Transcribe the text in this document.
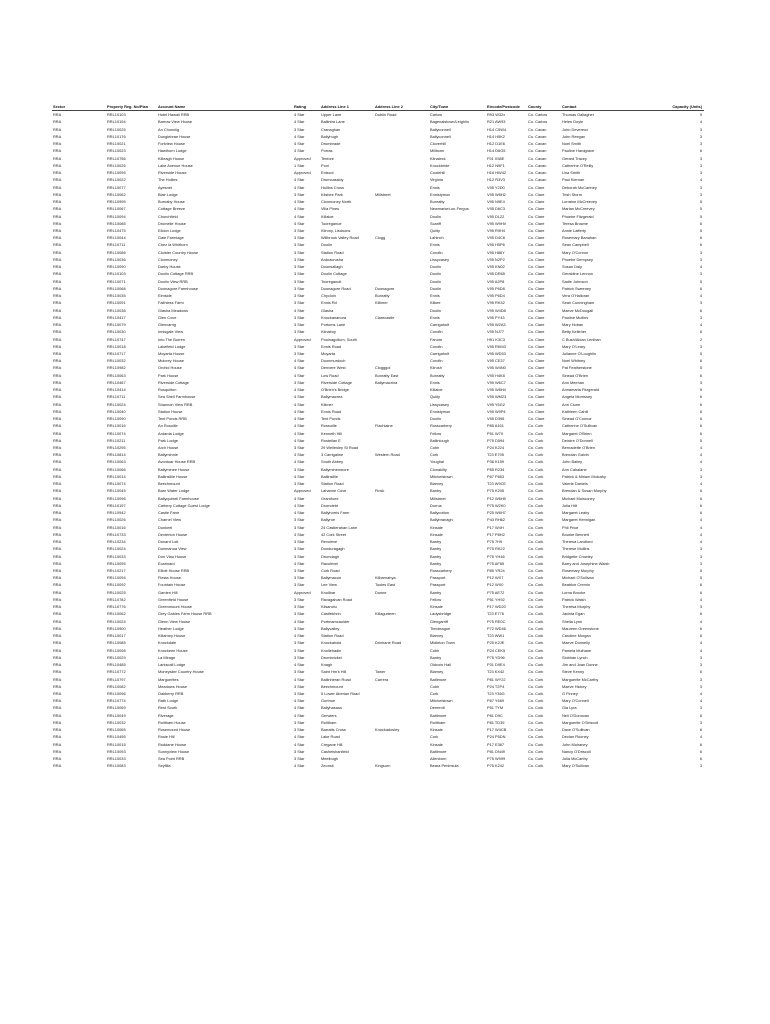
Sector	Property Reg. No/Plan	Account Name	Rating	Address Line 1	Address Line 2	City/Town	Eircode/Postcode	County	Contact	Capacity (Units)
RRA	RRL10103	Hotel Hawaii RRB	4 Star	Upper Lane	Dublin Road	Carlow	R93 W32x	Co. Carlow	Thomas Gallagher	9
RRA	RRL10194	Barrow View House	4 Star	Ballintra Lane		Bagenalstown/Leighlin	R21 AW93	Co. Carlow	Helen Doyle	4
RRA	RRL10025	An Chonnlig	3 Star	Cranaghan		Ballyconnell	H14 C5W4	Co. Cavan	John Devereux	3
RRA	RRL10176	Dunglebrae House	4 Star	Ballyhugh		Ballyconnell	H14 H5K2	Co. Cavan	John Reegan	3
RRA	RRL10021	Fortview House	4 Star	Drumbrade		Cloverhill	H12 D1E6	Co. Cavan	Noel Smith	3
RRA	RRL10023	Hawthorn Lodge	4 Star	Porras		Milltown	H14 D6G5	Co. Cavan	Pauline Hardgrave	6
RRA	RRL10756	Killeagh House	Approved	Tenfore		Kilnaleck	F91 X58E	Co. Cavan	Gerard Tracey	3
RRA	RRL10026	Lake Avenue House	1 Star	Pool		Knockbride	H12 N9F1	Co. Cavan	Catherine O'Reilly	3
RRA	RRL10095	Riverside House	Approved	Eniscol		Cootehill	H16 HW42	Co. Cavan	Una Smith	3
RRA	RRL10022	The Hollies	4 Star	Drumcassidy		Virginia	H12 R3V3	Co. Cavan	Paul Kiernan	4
RRA	RRL10077	Ayesnet	4 Star	Hollins Cross		Ennis	V95 Y2D0	Co. Clare	Deborah McCartney	3
RRA	RRL10062	Blair Lodge	3 Star	Kilshee Park	Millstreet	Ennistymon	V95 W8H2	Co. Clare	Trish Storm	3
RRA	RRL10995	Burnaby House	4 Star	Clonmoney North		Bunratty	V95 N9E4	Co. Clare	Lorraine McCreevey	5
RRA	RRL10067	Cottage Breeze	4 Star	Villa Pines		Newmarket-on-Fergus	V95 D6C3	Co. Clare	Marian McCreevey	5
RRA	RRL10094	Churchfield	4 Star	Killaloe		Doolin	V95 DL22	Co. Clare	Phoebe Fitzgerald	5
RRA	RRL10085	Drumelie House	4 Star	Tooreganue		Scariff	V95 W9HV	Co. Clare	Teresa Browne	6
RRA	RRL10475	Eildon Lodge	3 Star	Kilrony, Lisdoons		Quilty	V95 R9H4	Co. Clare	Annie Lafferty	5
RRA	RRL10044	Gale Farmlage	3 Star	Willbrook Valley Road	Clogg	Lahinch	V95 D4C8	Co. Clare	Rosemary Banahan	6
RRA	RRL10711	Chez la Whithorn	3 Star	Doolin		Ennis	V95 H5P6	Co. Clare	Sean Campbell	6
RRA	RRL10086	Cloister Country House	3 Star	Station Road		Corofin	V95 H86Y	Co. Clare	Mary O'Connor	3
RRA	RRL10036	Clonmoney	3 Star	Ardnacrusha		Lissycasey	V95 N2P2	Co. Clare	Phoebe Dempsey	3
RRA	RRL10090	Darby House	3 Star	Doonsallagh		Doolin	V95 KN02	Co. Clare	Susan Daly	4
RRA	RRL10103	Doolin Cottage RRB	3 Star	Doolin Cottage		Doolin	V95 DR65	Co. Clare	Geraldine Lennon	3
RRA	RRL10071	Doolin View RRB	3 Star	Tooreganuit		Doolin	V95 A2P8	Co. Clare	Sadie Johnson	5
RRA	RRL10068	Doonagore Farmhouse	3 Star	Doonagore Road	Doonagore	Doolin	V95 P6D8	Co. Clare	Patrick Sweeney	6
RRA	RRL10035	Elmside	3 Star	Chycloin	Bunratty	Ennis	V95 P6D4	Co. Clare	Vera O'Halloran	4
RRA	RRL10091	Faithless Farm	3 Star	Ennis Rd	Killimer	Kilkee	V95 RK32	Co. Clare	Sean Cunningham	3
RRA	RRL10036	Glasha Meadows	4 Star	Glasha		Doolin	V95 W4D8	Co. Clare	Maeve McDougall	6
RRA	RRL10417	Glen Cove	3 Star	Knockananora	Clarecastle	Ennis	V95 PY43	Co. Clare	Pauline Mullins	3
RRA	RRL10079	Glencarrig	3 Star	Portums Lane		Carrigaholt	V95 W2A3	Co. Clare	Mary Hoban	4
RRA	RRL10030	Innisgale View	3 Star	Kilnaboy		Corofin	V95 NJ77	Co. Clare	Betty Kelleher	6
RRA	RRL10747	Into The Burren	Approved	Poulnagollum, South		Fanore	H91 K3C3	Co. Clare	C Bush/Aidan Lenihan	2
RRA	RRL10018	Lakefield Lodge	3 Star	Ennis Road		Corofin	V95 RKM3	Co. Clare	Mary O'Leary	3
RRA	RRL10717	Moyarta House	3 Star	Moyarta		Carrigaholt	V95 WD53	Co. Clare	Julianne O'Loughlin	5
RRA	RRL10032	Mulcrey House	4 Star	Doonmurdoch		Corofin	V95 CE37	Co. Clare	Noel Whitney	6
RRA	RRL10982	Orchid House	4 Star	Denvere West	Clogggol	Kilrush	V95 W4N0	Co. Clare	Pat Featherstone	5
RRA	RRL10063	Park House	4 Star	Low Road	Bunratty East	Bunratty	V95 H4K8	Co. Clare	Sinead O'Brien	6
RRA	RRL10467	Riverside Cottage	3 Star	Riverside Cottage	Ballymacrina	Ennis	V95 W6C7	Co. Clare	Ann Meehan	3
RRA	RRL10414	Rosquilton	4 Star	O'Brien's Bridge		Killaloe	V95 W8H4	Co. Clare	Annamaria Fitzgerald	5
RRA	RRL10711	Sea Shell Farmhouse	4 Star	Ballymacrea		Quilty	V95 WM23	Co. Clare	Angela Morrissey	6
RRA	RRL10024	Shannon View RRB	4 Star	Kilimer		Lissycasey	V95 Y6G2	Co. Clare	Ann Clune	6
RRA	RRL10040	Station House	4 Star	Ennis Road		Ennistymon	V95 W9P4	Co. Clare	Kathleen Cahill	6
RRA	RRL10090	Tent Ponds RRB	4 Star	Tent Ponds		Doolin	V95 D396	Co. Clare	Sinead O'Connor	6
RRA	RRL10016	An Rosoille	4 Star	Rossoille	Fiachlaine	Rosscarbery	P85 A161	Co. Cork	Catherine O'Sullivan	6
RRA	RRL10074	Ardarda Lodge	4 Star	Kenneth Hill		Fellow	P51 W79	Co. Cork	Margaret O'Brien	6
RRA	RRL10211	Park Lodge	4 Star	Rostellan E		Ballinlough	P75 D594	Co. Cork	Deirdre O'Donnell	5
RRA	RRL10295	Arch House	3 Star	29 Wellesley St Road		Cobh	P24 K224	Co. Cork	Bernadette O'Brien	4
RRA	RRL10814	Ballyminnie	4 Star	3 Carrigaline	Western Road	Cork	T23 E795	Co. Cork	Brendan Galvin	4
RRA	RRL10063	Avontuar House RRB	4 Star	South Abbey		Youghal	P36 K159	Co. Cork	John Bailey	4
RRA	RRL10066	Ballyminee House	3 Star	Ballyminenmore		Clonakilty	P85 R234	Co. Cork	Ann Cahalane	3
RRA	RRL10014	Ballinsillie House	4 Star	Ballinsillie		Mitchelstown	P67 P853	Co. Cork	Patrick & Miriam Mulcahy	3
RRA	RRL10074	Beechmount	3 Star	Station Road		Blarney	T23 W9CE	Co. Cork	Valerie Daniels	4
RRA	RRL10045	Barn Water Lodge	Approved	Lahanne Cove	Finsk	Bantry	P75 K205	Co. Cork	Brendan & Susan Murphy	6
RRA	RRL10096	Ballyquirrell Farmhouse	4 Star	Granthore		Millstreet	P12 W6H9	Co. Cork	Michael Mulrooney	6
RRA	RRL10197	Carbery Cottage Guest Lodge	4 Star	Dromdebt		Durrus	P75 W2K0	Co. Cork	Julia Hitt	6
RRA	RRL10942	Castle Farm	4 Star	Ballyhorris Farm		Ballycotton	P25 W8H7	Co. Cork	Margaret Leahy	6
RRA	RRL10026	Charnel View	3 Star	Ballyroe		Ballybranagh	P43 RH62	Co. Cork	Margaret Hennigan	4
RRA	RRL10016	Dunkeel	3 Star	24 Castlerahan Lane		Kinsale	P17 W4H	Co. Cork	Phil Price	4
RRA	RRL10733	Dexterton House	4 Star	42 Cork Street		Kinsale	P17 P8H2	Co. Cork	Bourke Bennett	4
RRA	RRL10234	Dunard Lott	3 Star	Revoleve		Bantry	P75 7H9	Co. Cork	Theresa Landlord	4
RRA	RRL10024	Dunmanua View	3 Star	Donduragagh		Bantry	P75 RK22	Co. Cork	Therese Mullins	3
RRA	RRL10033	Dun Viau House	3 Star	Drumdagh		Bantry	P75 YH46	Co. Cork	Bridgette Crowley	3
RRA	RRL10095	Ecarinard	4 Star	Ravolevel		Bantry	P75 AF85	Co. Cork	Barry and Josephine Walsh	3
RRA	RRL10217	Elliott House RRB	3 Star	Cork Road		Rosscarbery	P85 YR24	Co. Cork	Rosemary Murphy	5
RRA	RRL10094	Fiesta House	3 Star	Ballymacun	Kilbarnahya	Passport	P12 WX7	Co. Cork	Michael O'Sullivan	5
RRA	RRL10092	Fountain House	3 Star	Lee View	Tooles East	Passport	P12 WX0	Co. Cork	Beatrice Cremin	6
RRA	RRL10025	Garden Hill	Approved	Knollbar	Dunne	Bantry	P75 AE72	Co. Cork	Lorna Brooke	6
RRA	RRL10782	Greenfield House	3 Star	Ravagalvan Road		Fellow	P51 YH92	Co. Cork	Patrick Walsh	4
RRA	RRL10776	Greenmount House	3 Star	Kilsanctu		Kinsale	P17 WD20	Co. Cork	Theresa Murphy	3
RRA	RRL10062	Grey Gables Farm House RRB	3 Star	Castlebhrin	Killagurteen	Ladysbridge	T23 E776	Co. Cork	Jacinta Egan	6
RRA	RRL10024	Glenn View House	4 Star	Portmamcaulder		Glengarriff	P75 RE0C	Co. Cork	Sheila Lynn	4
RRA	RRL10900	Heather Lodge	3 Star	Ballyvalley		Timoleague	P72 WD46	Co. Cork	Maureen Greenstone	6
RRA	RRL10017	Killarney House	4 Star	Station Road		Blarney	T23 WW1	Co. Cork	Caroline Morgan	6
RRA	RRL10085	Knockdale	3 Star	Knockahoid	Drinhane Road	Midleton Town	P25 K2JE	Co. Cork	Maeve Donnelly	4
RRA	RRL10098	Knockeen House	3 Star	Knollehadin		Cobh	P24 CEK5	Co. Cork	Pamela Mulhane	4
RRA	RRL10029	La Mirage	3 Star	Drumbrickel		Bantry	P75 YD96	Co. Cork	Siobhan Lynch	3
RRA	RRL10485	Larkscall Lodge	4 Star	Knagh		Oldcoin Hall	P31 D9E4	Co. Cork	Jim and Joan Dunne	3
RRA	RRL10772	Moneyslier Country House	3 Star	Saint Hm's Hill	Tower	Blarney	T23 KX42	Co. Cork	Steve Kenny	6
RRA	RRL10797	Marguerites	4 Star	Ballinheran Road	Carrera	Baltimore	P81 WY22	Co. Cork	Marguerite McCarthy	3
RRA	RRL10082	Meadows House	3 Star	Beechmount		Cobh	P24 T2P4	Co. Cork	Maeve Hickey	3
RRA	RRL10096	Oakberry RRB	3 Star	5 Lower Aberian Road		Cork	T23 Y36G	Co. Cork	G Finney	4
RRA	RRL10774	Rath Lodge	4 Star	Gortnoe		Mitchelstown	P67 Y669	Co. Cork	Mary O'Connell	4
RRA	RRL10069	Rest South	4 Star	Ballyhasaus		Dereenlt	P51 TYM	Co. Cork	Gia Lyra	3
RRA	RRL10049	Riverage	4 Star	Gerwiers		Baltimore	P81 D9C	Co. Cork	Neil O'Donovan	6
RRA	RRL10032	Rolltham House	3 Star	Rolltham		Rolltham	P81 TD39	Co. Cork	Marguerite O'Driscoll	3
RRA	RRL10065	Rosemount House	3 Star	Barratts Cross	Knockadosley	Kinsale	P17 W4CB	Co. Cork	Dave O'Sullivan	6
RRA	RRL10495	Rosie Hill	4 Star	Lake Road		Cork	P24 P5DN	Co. Cork	Declan Rooney	4
RRA	RRL10015	Roddane House	4 Star	Cregane Hill		Kinsale	P17 E367	Co. Cork	John Mulraney	6
RRA	RRL10093	Sunnyview House	3 Star	Cashelshanfield		Baltimore	P81 DN49	Co. Cork	Nancy O'Driscoll	6
RRA	RRL10033	Sea Point RRB	3 Star	Meelbugh		Allenborn	P75 W999	Co. Cork	Julia McCarthy	6
RRA	RRL10083	Seyfilla	4 Star	Zeonsil	Kingsurn	Beara Peninsula	P75 K242	Co. Cork	Mary O'Sullivan	3
